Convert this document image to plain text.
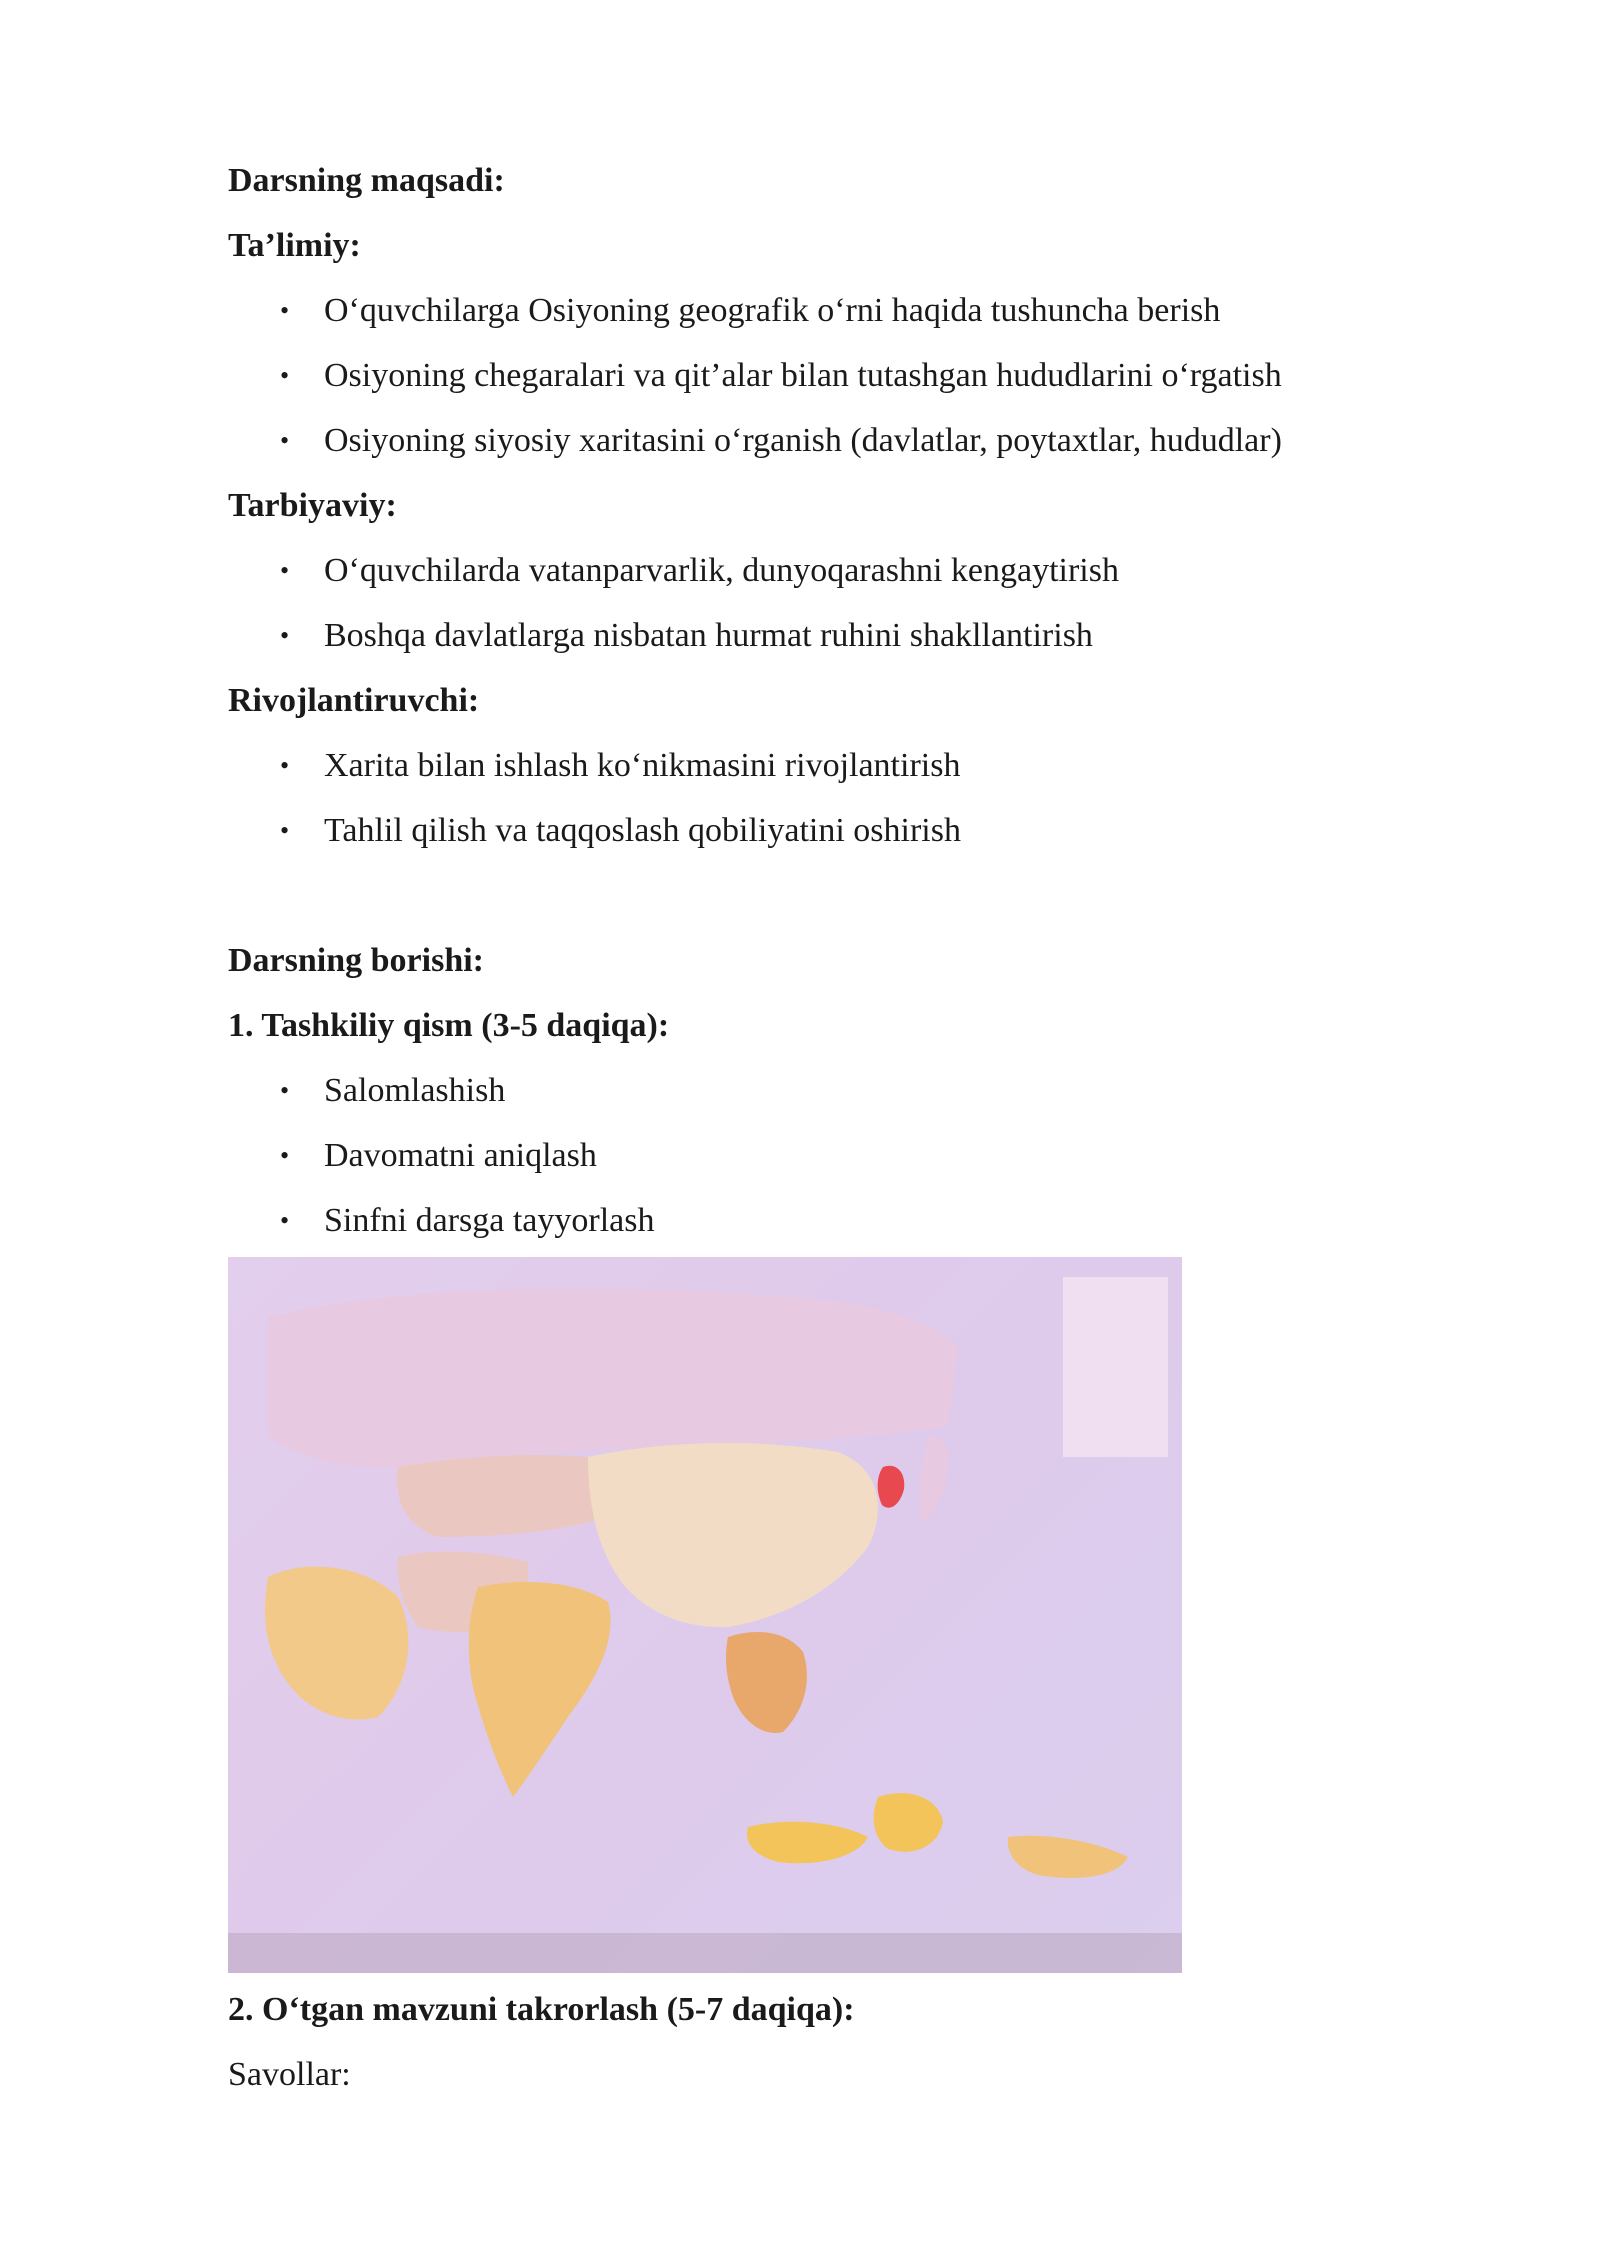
Darsning maqsadi:
Ta’limiy:
• O‘quvchilarga Osiyoning geografik o‘rni haqida tushuncha berish
• Osiyoning chegaralari va qit’alar bilan tutashgan hududlarini o‘rgatish
• Osiyoning siyosiy xaritasini o‘rganish (davlatlar, poytaxtlar, hududlar)
Tarbiyaviy:
• O‘quvchilarda vatanparvarlik, dunyoqarashni kengaytirish
• Boshqa davlatlarga nisbatan hurmat ruhini shakllantirish
Rivojlantiruvchi:
• Xarita bilan ishlash ko‘nikmasini rivojlantirish
• Tahlil qilish va taqqoslash qobiliyatini oshirish
Darsning borishi:
1. Tashkiliy qism (3-5 daqiqa):
• Salomlashish
• Davomatni aniqlash
• Sinfni darsga tayyorlash
2. O‘tgan mavzuni takrorlash (5-7 daqiqa):
Savollar:
